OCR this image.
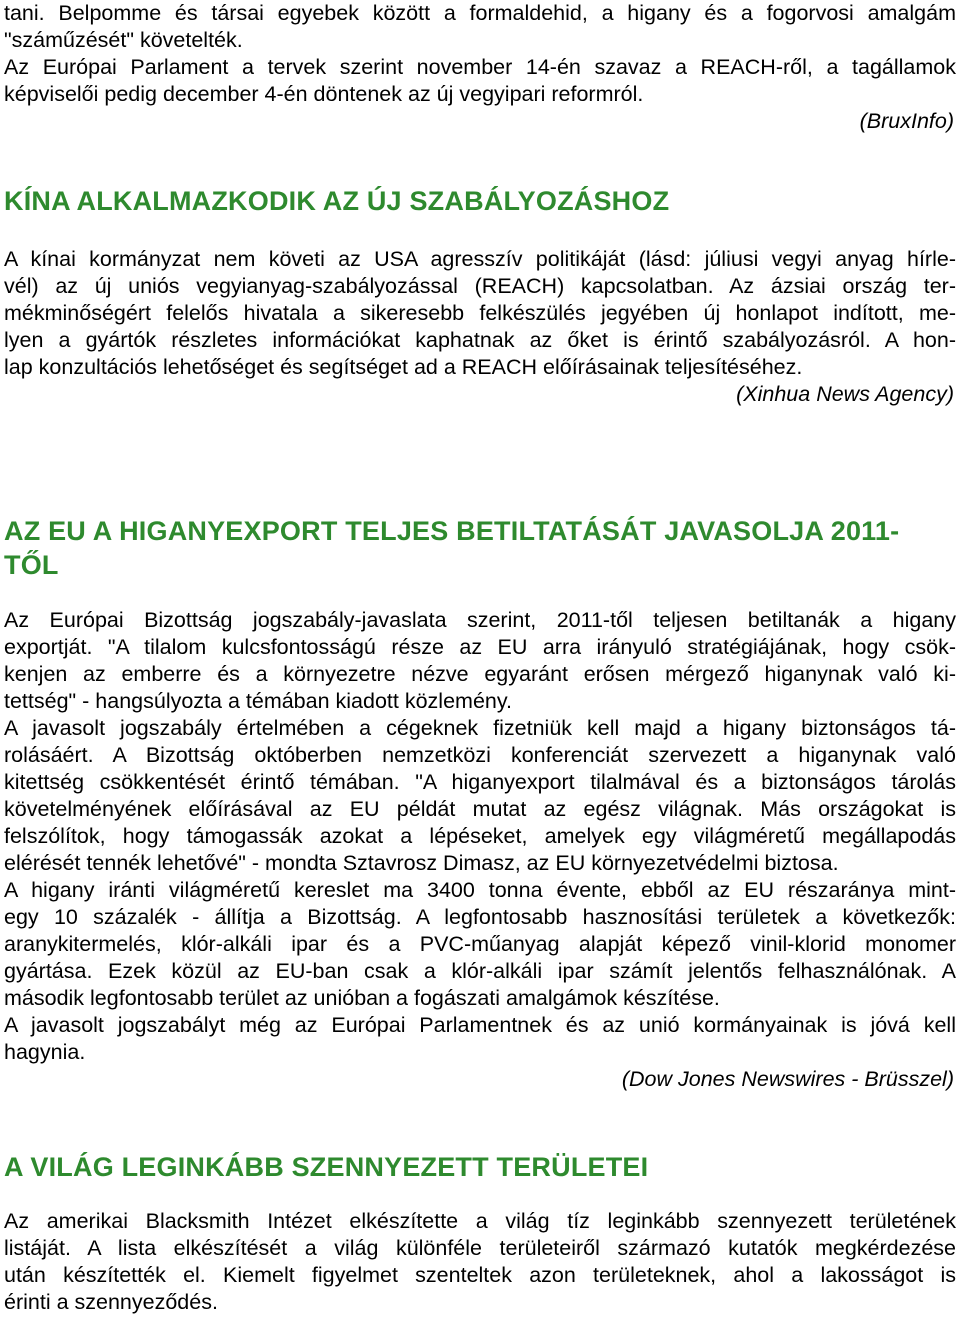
tani. Belpomme és társai egyebek között a formaldehid, a higany és a fogorvosi amalgám
"száműzését" követelték.
Az Európai Parlament a tervek szerint november 14-én szavaz a REACH-ről, a tagállamok
képviselői pedig december 4-én döntenek az új vegyipari reformról.
(BruxInfo)
KÍNA ALKALMAZKODIK AZ ÚJ SZABÁLYOZÁSHOZ
A kínai kormányzat nem követi az USA agresszív politikáját (lásd: júliusi vegyi anyag hírle-
vél) az új uniós vegyianyag-szabályozással (REACH) kapcsolatban. Az ázsiai ország ter-
mékminőségért felelős hivatala a sikeresebb felkészülés jegyében új honlapot indított, me-
lyen a gyártók részletes információkat kaphatnak az őket is érintő szabályozásról. A hon-
lap konzultációs lehetőséget és segítséget ad a REACH előírásainak teljesítéséhez.
(Xinhua News Agency)
AZ EU A HIGANYEXPORT TELJES BETILTATÁSÁT JAVASOLJA 2011-
TŐL
Az Európai Bizottság jogszabály-javaslata szerint, 2011-től teljesen betiltanák a higany
exportját. "A tilalom kulcsfontosságú része az EU arra irányuló stratégiájának, hogy csök-
kenjen az emberre és a környezetre nézve egyaránt erősen mérgező higanynak való ki-
tettség" - hangsúlyozta a témában kiadott közlemény.
A javasolt jogszabály értelmében a cégeknek fizetniük kell majd a higany biztonságos tá-
rolásáért. A Bizottság októberben nemzetközi konferenciát szervezett a higanynak való
kitettség csökkentését érintő témában. "A higanyexport tilalmával és a biztonságos tárolás
követelményének előírásával az EU példát mutat az egész világnak. Más országokat is
felszólítok, hogy támogassák azokat a lépéseket, amelyek egy világméretű megállapodás
elérését tennék lehetővé" - mondta Sztavrosz Dimasz, az EU környezetvédelmi biztosa.
A higany iránti világméretű kereslet ma 3400 tonna évente, ebből az EU részaránya mint-
egy 10 százalék - állítja a Bizottság. A legfontosabb hasznosítási területek a következők:
aranykitermelés, klór-alkáli ipar és a PVC-műanyag alapját képező vinil-klorid monomer
gyártása. Ezek közül az EU-ban csak a klór-alkáli ipar számít jelentős felhasználónak. A
második legfontosabb terület az unióban a fogászati amalgámok készítése.
A javasolt jogszabályt még az Európai Parlamentnek és az unió kormányainak is jóvá kell
hagynia.
(Dow Jones Newswires - Brüsszel)
A VILÁG LEGINKÁBB SZENNYEZETT TERÜLETEI
Az amerikai Blacksmith Intézet elkészítette a világ tíz leginkább szennyezett területének
listáját. A lista elkészítését a világ különféle területeiről származó kutatók megkérdezése
után készítették el. Kiemelt figyelmet szenteltek azon területeknek, ahol a lakosságot is
érinti a szennyeződés.
